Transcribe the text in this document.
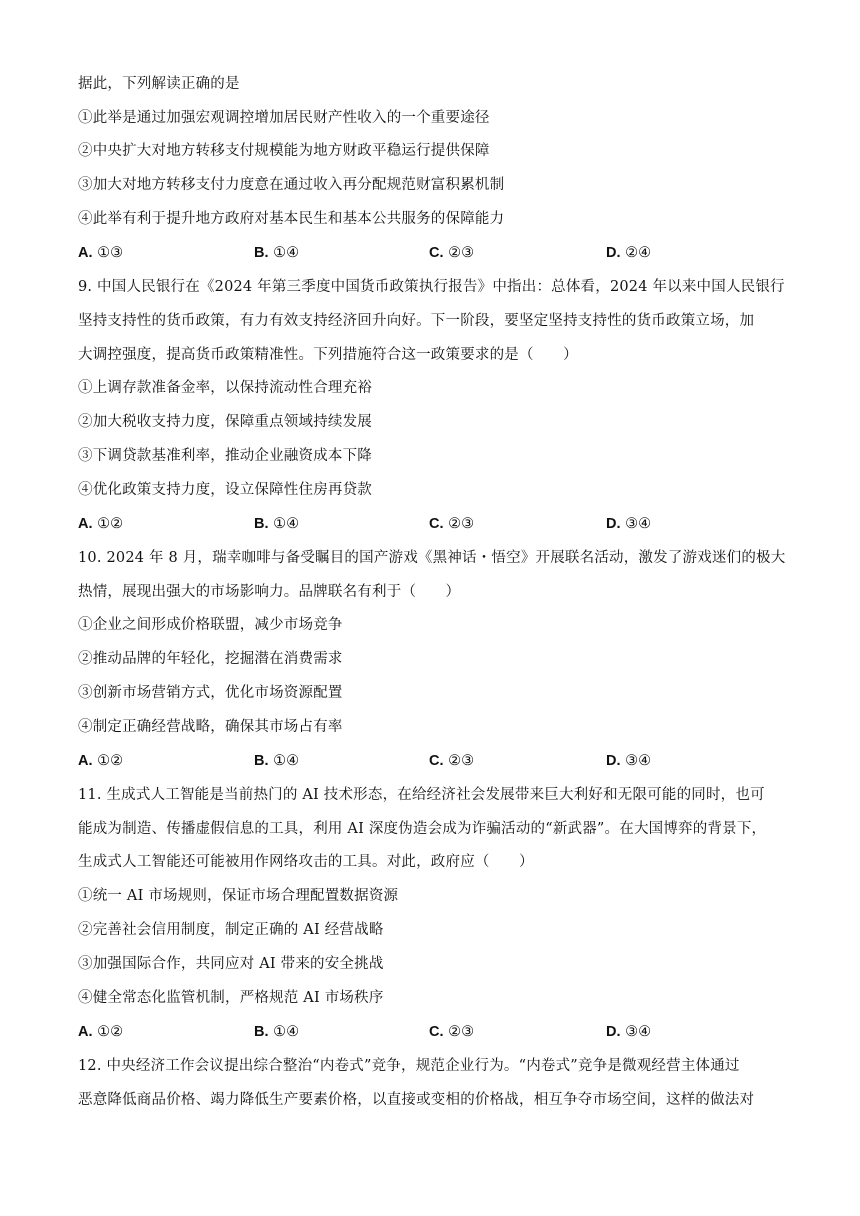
据此，下列解读正确的是
①此举是通过加强宏观调控增加居民财产性收入的一个重要途径
②中央扩大对地方转移支付规模能为地方财政平稳运行提供保障
③加大对地方转移支付力度意在通过收入再分配规范财富积累机制
④此举有利于提升地方政府对基本民生和基本公共服务的保障能力
A. ①③	B. ①④	C. ②③	D. ②④
9. 中国人民银行在《2024 年第三季度中国货币政策执行报告》中指出：总体看，2024 年以来中国人民银行
坚持支持性的货币政策，有力有效支持经济回升向好。下一阶段，要坚定坚持支持性的货币政策立场，加
大调控强度，提高货币政策精准性。下列措施符合这一政策要求的是（　　）
①上调存款准备金率，以保持流动性合理充裕
②加大税收支持力度，保障重点领域持续发展
③下调贷款基准利率，推动企业融资成本下降
④优化政策支持力度，设立保障性住房再贷款
A. ①②	B. ①④	C. ②③	D. ③④
10. 2024 年 8 月，瑞幸咖啡与备受瞩目的国产游戏《黑神话・悟空》开展联名活动，激发了游戏迷们的极大
热情，展现出强大的市场影响力。品牌联名有利于（　　）
①企业之间形成价格联盟，减少市场竞争
②推动品牌的年轻化，挖掘潜在消费需求
③创新市场营销方式，优化市场资源配置
④制定正确经营战略，确保其市场占有率
A. ①②	B. ①④	C. ②③	D. ③④
11. 生成式人工智能是当前热门的 AI 技术形态，在给经济社会发展带来巨大利好和无限可能的同时，也可
能成为制造、传播虚假信息的工具，利用 AI 深度伪造会成为诈骗活动的“新武器”。在大国博弈的背景下，
生成式人工智能还可能被用作网络攻击的工具。对此，政府应（　　）
①统一 AI 市场规则，保证市场合理配置数据资源
②完善社会信用制度，制定正确的 AI 经营战略
③加强国际合作，共同应对 AI 带来的安全挑战
④健全常态化监管机制，严格规范 AI 市场秩序
A. ①②	B. ①④	C. ②③	D. ③④
12. 中央经济工作会议提出综合整治“内卷式”竞争，规范企业行为。“内卷式”竞争是微观经营主体通过
恶意降低商品价格、竭力降低生产要素价格，以直接或变相的价格战，相互争夺市场空间，这样的做法对
